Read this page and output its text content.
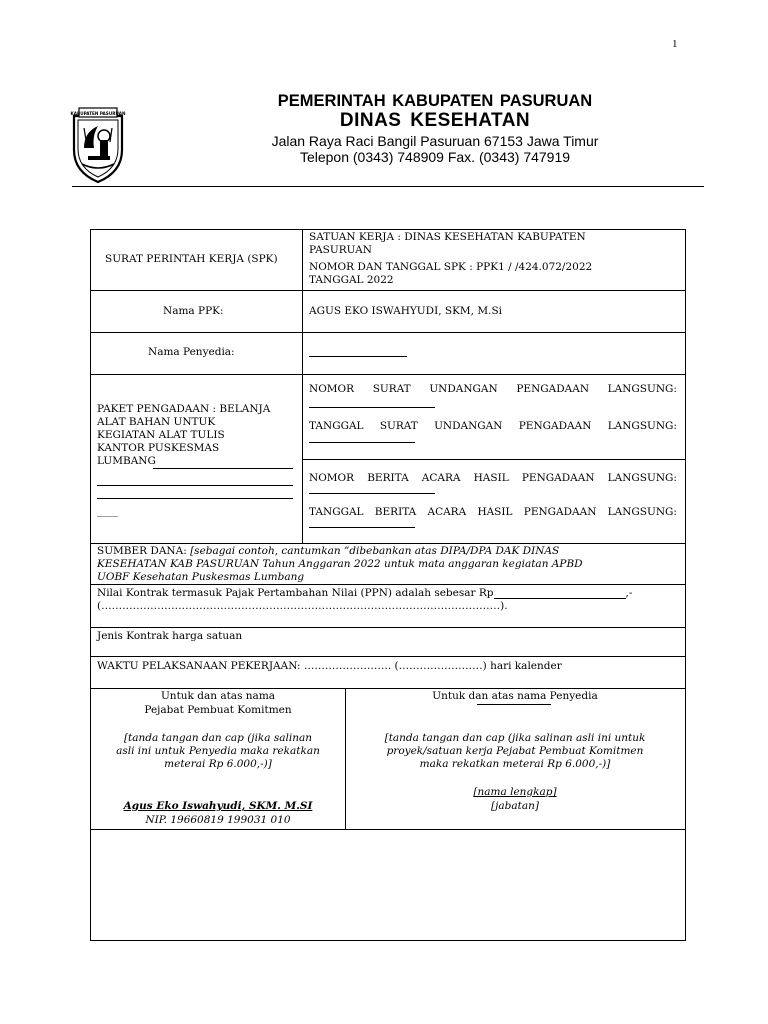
1
KABUPATEN PASURUAN
PEMERINTAH KABUPATEN PASURUAN
DINAS KESEHATAN
Jalan Raya Raci Bangil Pasuruan 67153 Jawa Timur
Telepon (0343) 748909 Fax. (0343) 747919
SURAT PERINTAH KERJA (SPK)
SATUAN KERJA : DINAS KESEHATAN KABUPATEN
PASURUAN
NOMOR DAN TANGGAL SPK : PPK1 / /424.072/2022
TANGGAL 2022
Nama PPK:	AGUS EKO ISWAHYUDI, SKM, M.Si
Nama Penyedia:
PAKET PENGADAAN : BELANJA
ALAT BAHAN UNTUK
KEGIATAN ALAT TULIS
KANTOR PUSKESMAS
LUMBANG
____
NOMOR SURAT UNDANGAN PENGADAAN LANGSUNG:
TANGGAL SURAT UNDANGAN PENGADAAN LANGSUNG:
NOMOR BERITA ACARA HASIL PENGADAAN LANGSUNG:
TANGGAL BERITA ACARA HASIL PENGADAAN LANGSUNG:
SUMBER DANA: [sebagai contoh, cantumkan ”dibebankan atas DIPA/DPA DAK DINAS
KESEHATAN KAB PASURUAN Tahun Anggaran 2022 untuk mata anggaran kegiatan APBD
UOBF Kesehatan Puskesmas Lumbang
Nilai Kontrak termasuk Pajak Pertambahan Nilai (PPN) adalah sebesar Rp	,-
(……………………………………………………………………………………………………).
Jenis Kontrak harga satuan
WAKTU PELAKSANAAN PEKERJAAN: ……………………. (……………………) hari kalender
Untuk dan atas nama
Pejabat Pembuat Komitmen
[tanda tangan dan cap (jika salinan
asli ini untuk Penyedia maka rekatkan
meterai Rp 6.000,-)]
Agus Eko Iswahyudi, SKM. M.SI
NIP. 19660819 199031 010
Untuk dan atas nama Penyedia
[tanda tangan dan cap (jika salinan asli ini untuk
proyek/satuan kerja Pejabat Pembuat Komitmen
maka rekatkan meterai Rp 6.000,-)]
[nama lengkap]
[jabatan]
